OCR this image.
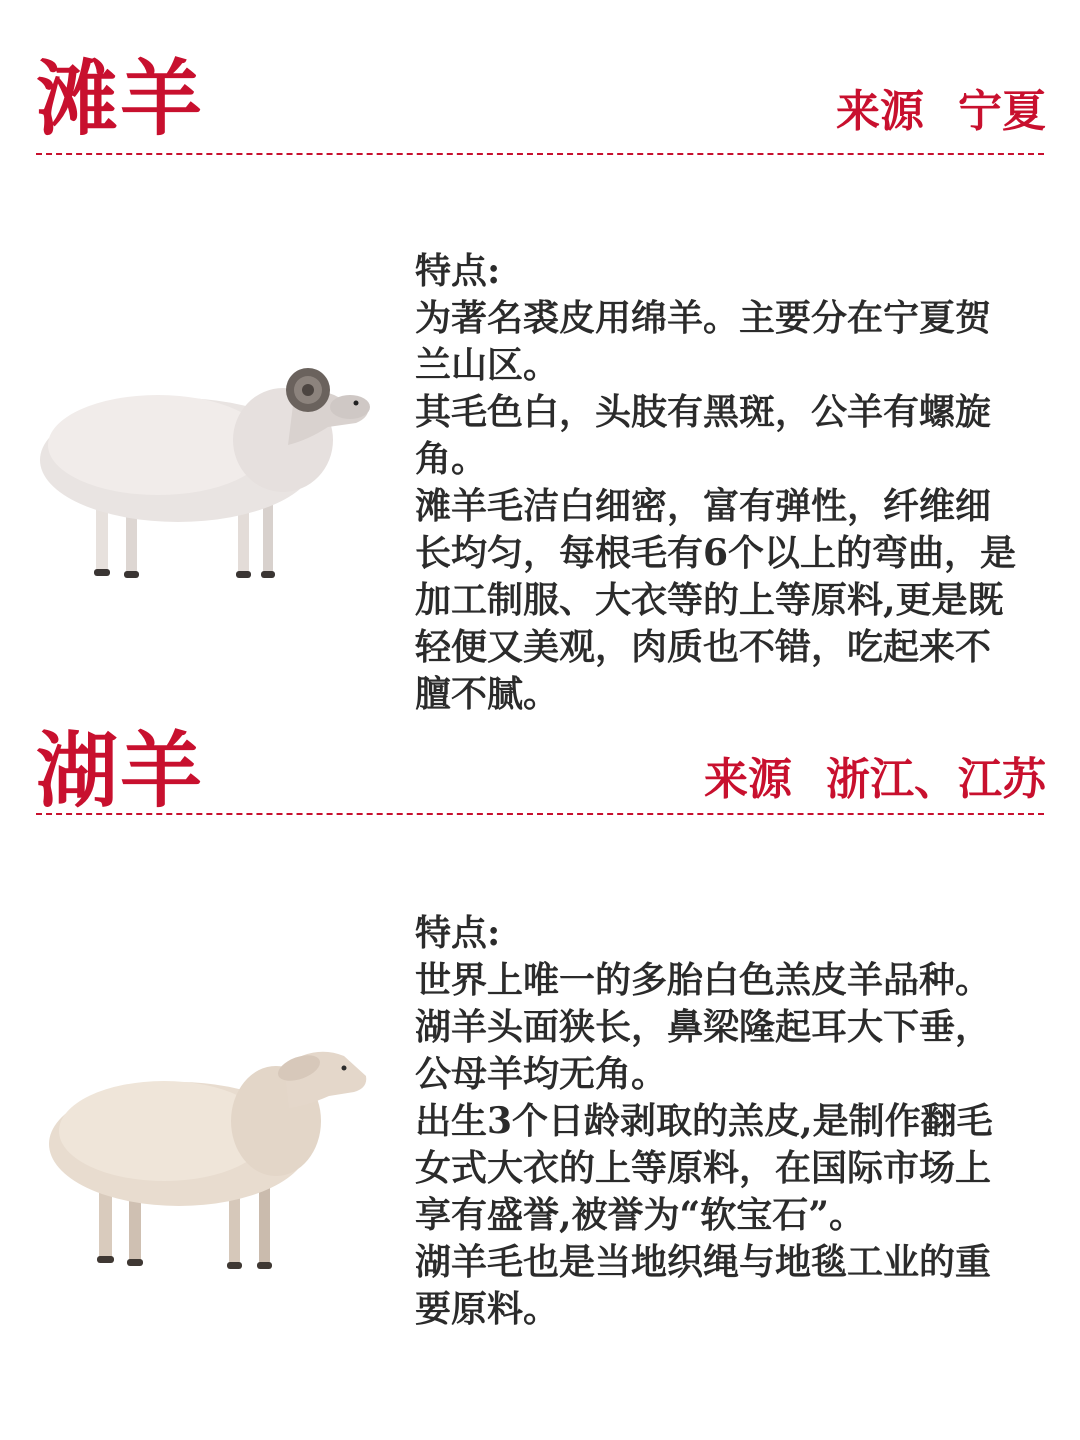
滩羊	来源 宁夏

特点:

为著名裘皮用绵羊。主要分在宁夏贺兰山区。

其毛色白，头肢有黑斑，公羊有螺旋角。

滩羊毛洁白细密，富有弹性，纤维细长均匀，每根毛有6个以上的弯曲，是加工制服、大衣等的上等原料,更是既轻便又美观，肉质也不错，吃起来不膻不腻。

湖羊	来源 浙江、江苏

特点:

世界上唯一的多胎白色羔皮羊品种。

湖羊头面狭长，鼻梁隆起耳大下垂，公母羊均无角。

出生3个日龄剥取的羔皮,是制作翻毛女式大衣的上等原料，在国际市场上享有盛誉,被誉为“软宝石”。

湖羊毛也是当地织绳与地毯工业的重要原料。
